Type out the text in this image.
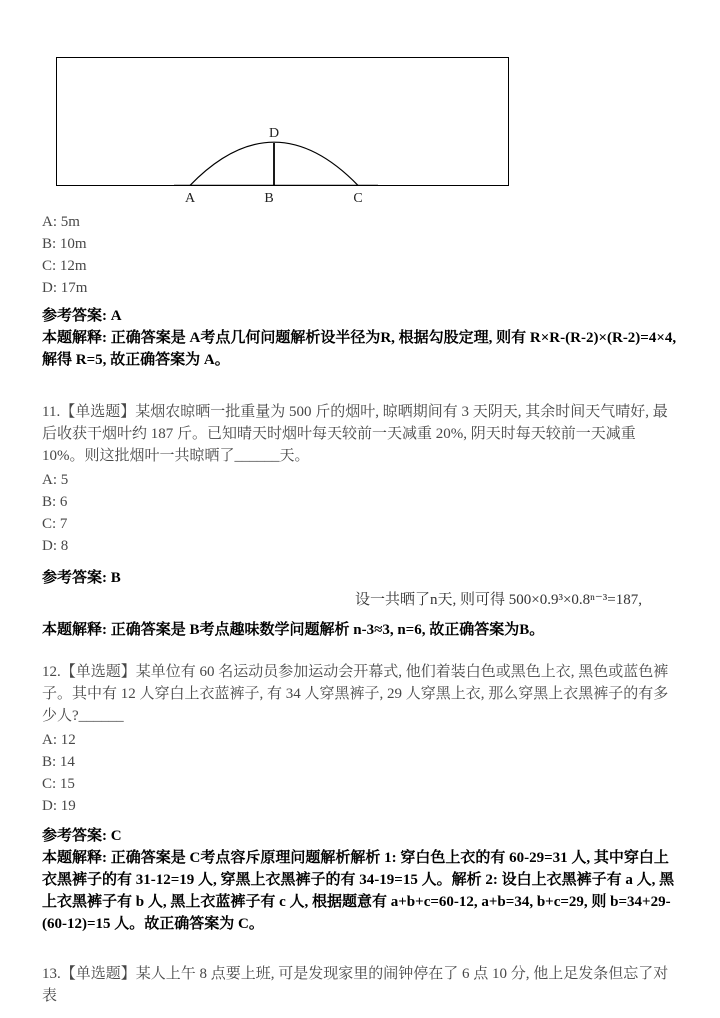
D
A	B	C
A: 5m
B: 10m
C: 12m
D: 17m

参考答案: A

本题解释: 正确答案是 A考点几何问题解析设半径为R, 根据勾股定理, 则有 R×R-(R-2)×(R-2)=4×4, 解得 R=5, 故正确答案为 A。

11.【单选题】某烟农晾晒一批重量为 500 斤的烟叶, 晾晒期间有 3 天阴天, 其余时间天气晴好, 最后收获干烟叶约 187 斤。已知晴天时烟叶每天较前一天减重 20%, 阴天时每天较前一天减重 10%。则这批烟叶一共晾晒了______天。

A: 5
B: 6
C: 7
D: 8

参考答案: B

设一共晒了n天, 则可得 500×0.9³×0.8ⁿ⁻³=187,

本题解释: 正确答案是 B考点趣味数学问题解析 n-3≈3, n=6, 故正确答案为B。

12.【单选题】某单位有 60 名运动员参加运动会开幕式, 他们着装白色或黑色上衣, 黑色或蓝色裤子。其中有 12 人穿白上衣蓝裤子, 有 34 人穿黑裤子, 29 人穿黑上衣, 那么穿黑上衣黑裤子的有多少人?______

A: 12
B: 14
C: 15
D: 19

参考答案: C

本题解释: 正确答案是 C考点容斥原理问题解析解析 1: 穿白色上衣的有 60-29=31 人, 其中穿白上衣黑裤子的有 31-12=19 人, 穿黑上衣黑裤子的有 34-19=15 人。解析 2: 设白上衣黑裤子有 a 人, 黑上衣黑裤子有 b 人, 黑上衣蓝裤子有 c 人, 根据题意有 a+b+c=60-12, a+b=34, b+c=29, 则 b=34+29-(60-12)=15 人。故正确答案为 C。

13.【单选题】某人上午 8 点要上班, 可是发现家里的闹钟停在了 6 点 10 分, 他上足发条但忘了对表
